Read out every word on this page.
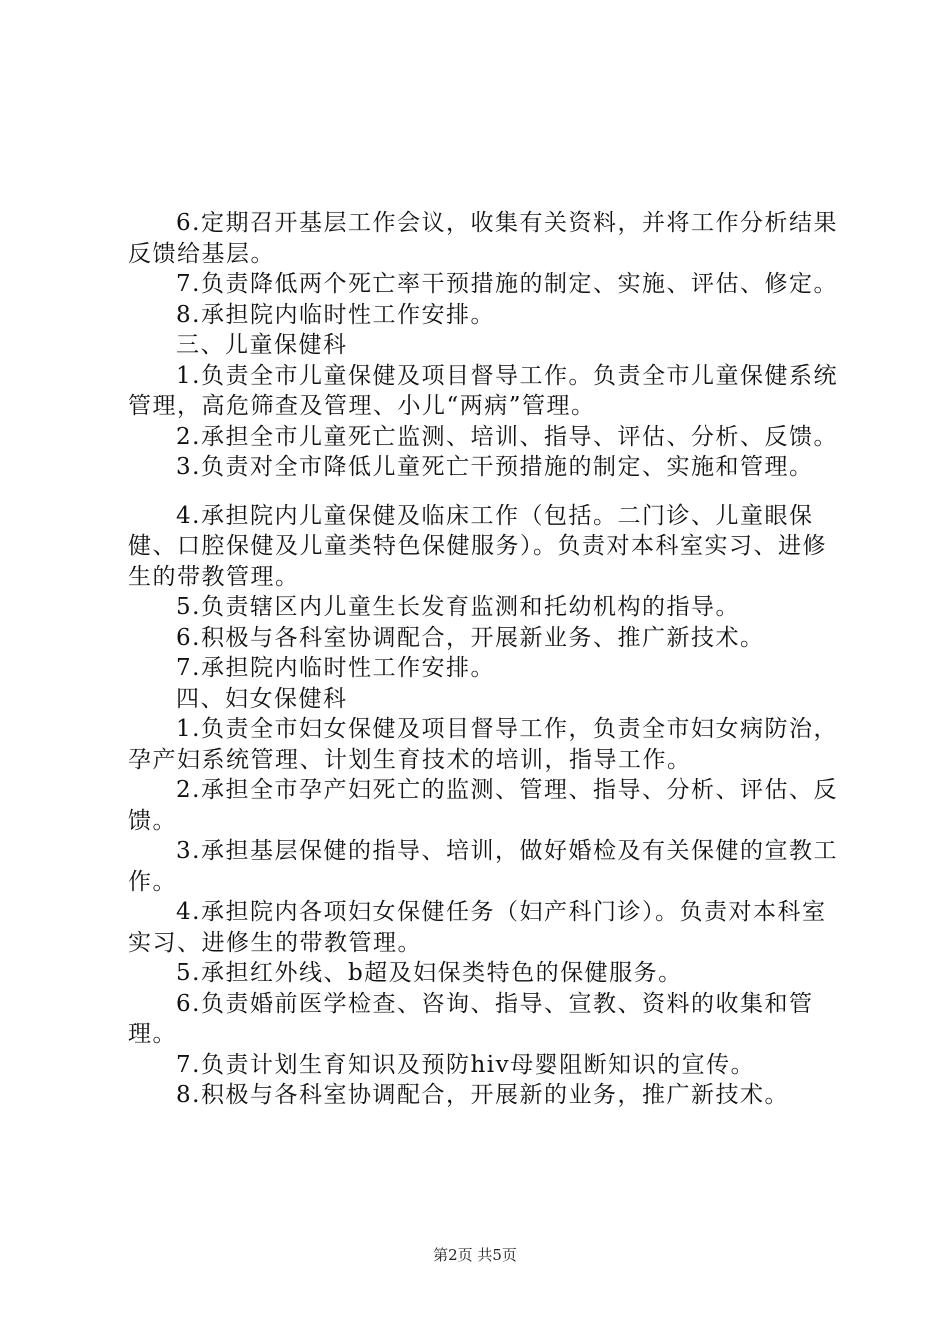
6.定期召开基层工作会议，收集有关资料，并将工作分析结果反馈给基层。

7.负责降低两个死亡率干预措施的制定、实施、评估、修定。

8.承担院内临时性工作安排。

三、儿童保健科

1.负责全市儿童保健及项目督导工作。负责全市儿童保健系统管理，高危筛查及管理、小儿“两病”管理。

2.承担全市儿童死亡监测、培训、指导、评估、分析、反馈。

3.负责对全市降低儿童死亡干预措施的制定、实施和管理。

4.承担院内儿童保健及临床工作（包括。二门诊、儿童眼保健、口腔保健及儿童类特色保健服务）。负责对本科室实习、进修生的带教管理。

5.负责辖区内儿童生长发育监测和托幼机构的指导。

6.积极与各科室协调配合，开展新业务、推广新技术。

7.承担院内临时性工作安排。

四、妇女保健科

1.负责全市妇女保健及项目督导工作，负责全市妇女病防治，孕产妇系统管理、计划生育技术的培训，指导工作。

2.承担全市孕产妇死亡的监测、管理、指导、分析、评估、反馈。

3.承担基层保健的指导、培训，做好婚检及有关保健的宣教工作。

4.承担院内各项妇女保健任务（妇产科门诊）。负责对本科室实习、进修生的带教管理。

5.承担红外线、b超及妇保类特色的保健服务。

6.负责婚前医学检查、咨询、指导、宣教、资料的收集和管理。

7.负责计划生育知识及预防hiv母婴阻断知识的宣传。

8.积极与各科室协调配合，开展新的业务，推广新技术。

第2页 共5页
